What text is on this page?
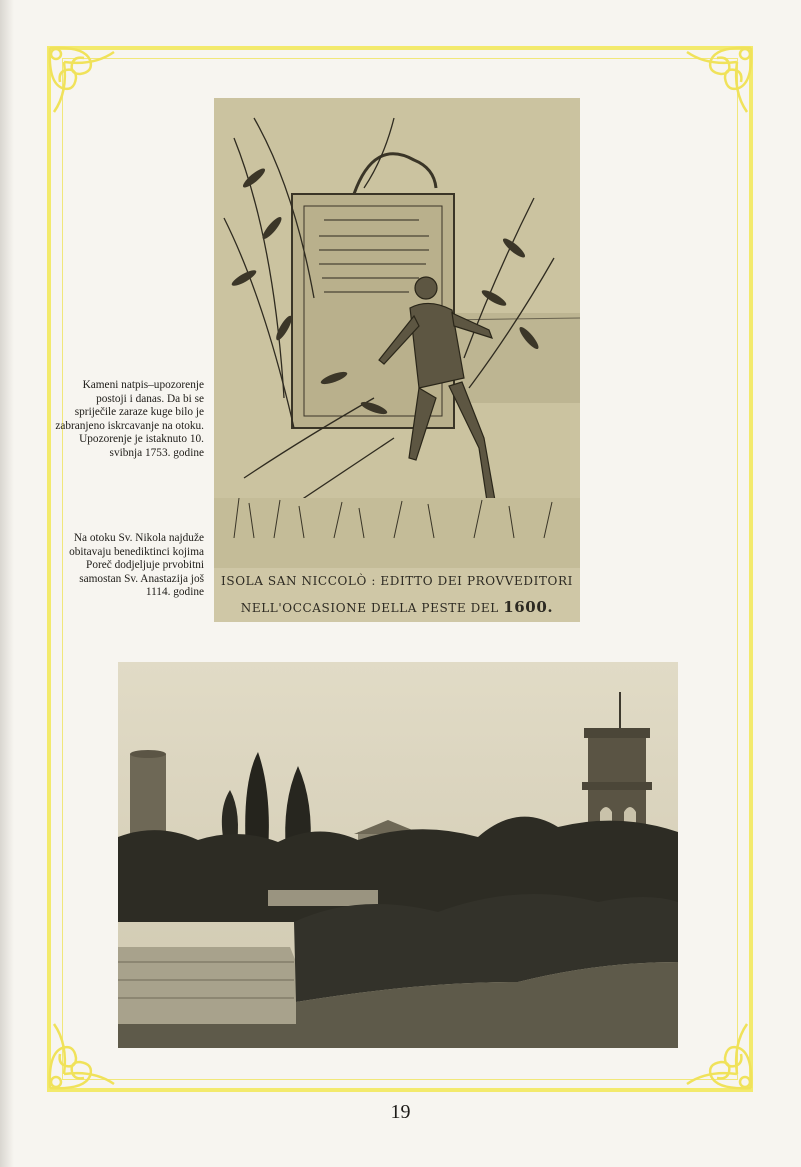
ISOLA SAN NICCOLÒ : EDITTO DEI PROVVEDITORI
NELL'OCCASIONE DELLA PESTE DEL 1600.
Kameni natpis–upozorenje postoji i danas. Da bi se spriječile zaraze kuge bilo je zabranjeno iskrcavanje na otoku. Upozorenje je istaknuto 10. svibnja 1753. godine
Na otoku Sv. Nikola najduže obitavaju benediktinci kojima Poreč dodjeljuje prvobitni samostan Sv. Anastazija još 1114. godine
19
